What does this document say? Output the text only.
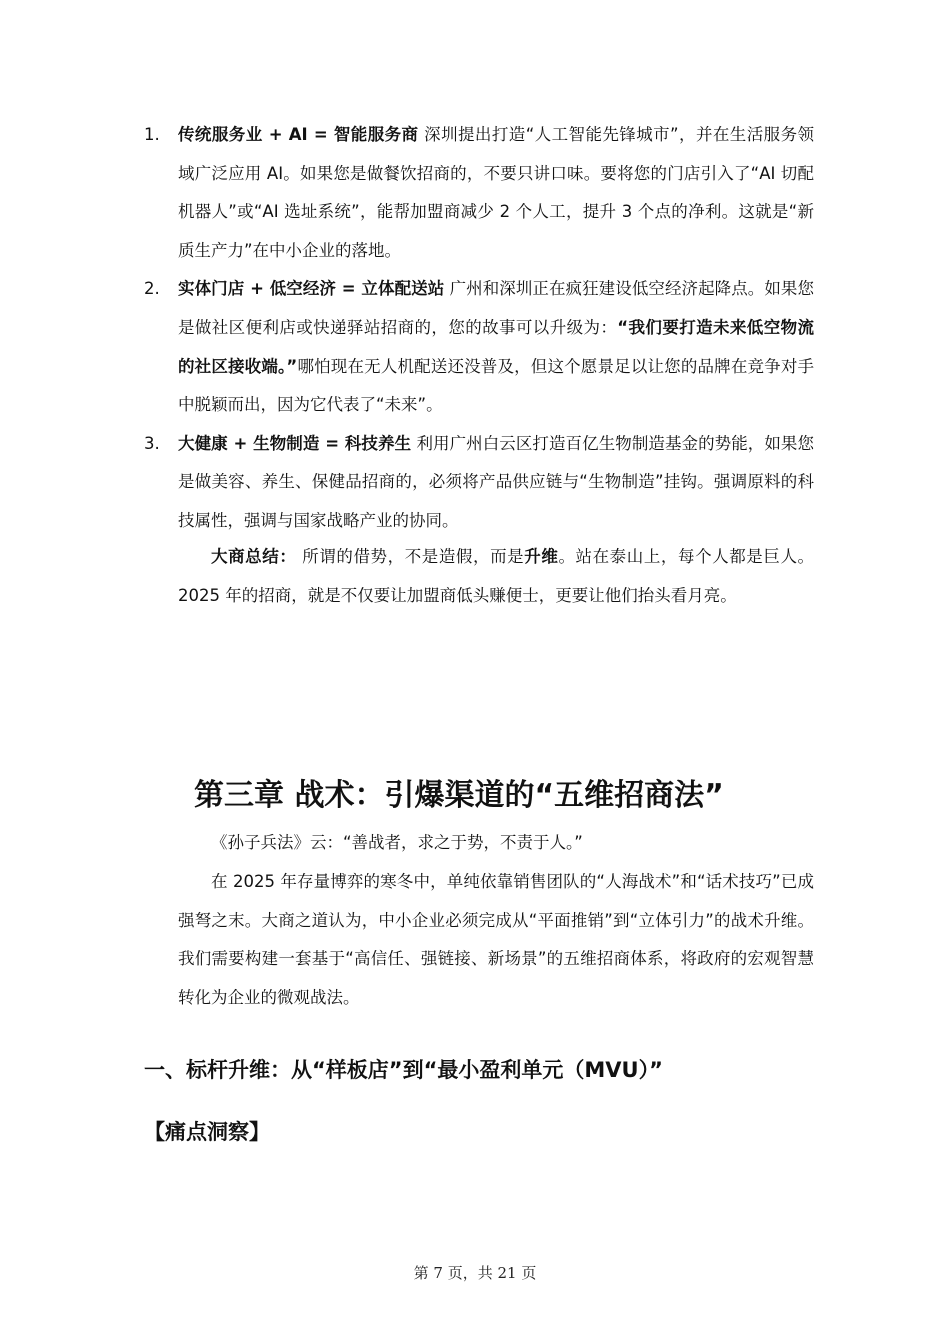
1. 传统服务业 + AI = 智能服务商 深圳提出打造“人工智能先锋城市”，并在生活服务领域广泛应用 AI。如果您是做餐饮招商的，不要只讲口味。要将您的门店引入了“AI 切配机器人”或“AI 选址系统”，能帮加盟商减少 2 个人工，提升 3 个点的净利。这就是“新质生产力”在中小企业的落地。
2. 实体门店 + 低空经济 = 立体配送站 广州和深圳正在疯狂建设低空经济起降点。如果您是做社区便利店或快递驿站招商的，您的故事可以升级为：“我们要打造未来低空物流的社区接收端。”哪怕现在无人机配送还没普及，但这个愿景足以让您的品牌在竞争对手中脱颖而出，因为它代表了“未来”。
3. 大健康 + 生物制造 = 科技养生 利用广州白云区打造百亿生物制造基金的势能，如果您是做美容、养生、保健品招商的，必须将产品供应链与“生物制造”挂钩。强调原料的科技属性，强调与国家战略产业的协同。
大商总结： 所谓的借势，不是造假，而是升维。站在泰山上，每个人都是巨人。2025 年的招商，就是不仅要让加盟商低头赚便士，更要让他们抬头看月亮。
第三章 战术：引爆渠道的“五维招商法”
《孙子兵法》云：“善战者，求之于势，不责于人。”

在 2025 年存量博弈的寒冬中，单纯依靠销售团队的“人海战术”和“话术技巧”已成强弩之末。大商之道认为，中小企业必须完成从“平面推销”到“立体引力”的战术升维。我们需要构建一套基于“高信任、强链接、新场景”的五维招商体系，将政府的宏观智慧转化为企业的微观战法。

一、标杆升维：从“样板店”到“最小盈利单元（MVU）”
【痛点洞察】
第 7 页，共 21 页
